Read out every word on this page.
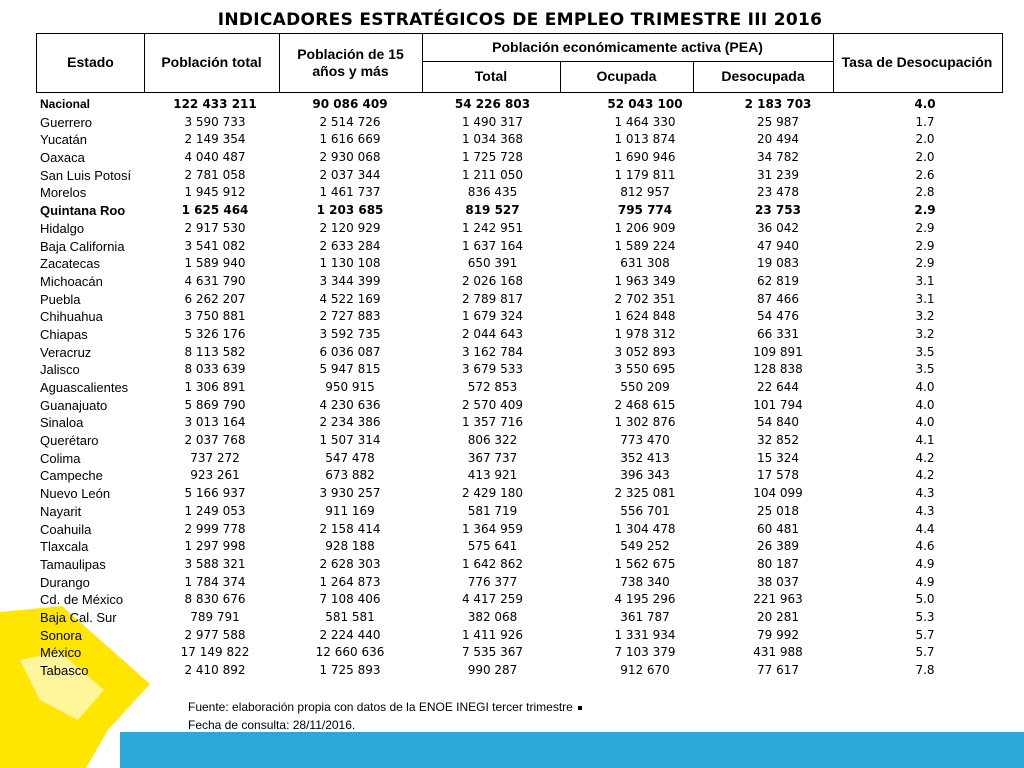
INDICADORES ESTRATÉGICOS DE EMPLEO TRIMESTRE III 2016
Estado	Población total
Población de 15 años y más
Población económicamente activa (PEA)
Total	Ocupada	Desocupada
Tasa de Desocupación
Nacional	122 433 211	90 086 409	54 226 803	52 043 100	2 183 703	4.0
Guerrero	3 590 733	2 514 726	1 490 317	1 464 330	25 987	1.7
Yucatán	2 149 354	1 616 669	1 034 368	1 013 874	20 494	2.0
Oaxaca	4 040 487	2 930 068	1 725 728	1 690 946	34 782	2.0
San Luis Potosí	2 781 058	2 037 344	1 211 050	1 179 811	31 239	2.6
Morelos	1 945 912	1 461 737	836 435	812 957	23 478	2.8
Quintana Roo	1 625 464	1 203 685	819 527	795 774	23 753	2.9
Hidalgo	2 917 530	2 120 929	1 242 951	1 206 909	36 042	2.9
Baja California	3 541 082	2 633 284	1 637 164	1 589 224	47 940	2.9
Zacatecas	1 589 940	1 130 108	650 391	631 308	19 083	2.9
Michoacán	4 631 790	3 344 399	2 026 168	1 963 349	62 819	3.1
Puebla	6 262 207	4 522 169	2 789 817	2 702 351	87 466	3.1
Chihuahua	3 750 881	2 727 883	1 679 324	1 624 848	54 476	3.2
Chiapas	5 326 176	3 592 735	2 044 643	1 978 312	66 331	3.2
Veracruz	8 113 582	6 036 087	3 162 784	3 052 893	109 891	3.5
Jalisco	8 033 639	5 947 815	3 679 533	3 550 695	128 838	3.5
Aguascalientes	1 306 891	950 915	572 853	550 209	22 644	4.0
Guanajuato	5 869 790	4 230 636	2 570 409	2 468 615	101 794	4.0
Sinaloa	3 013 164	2 234 386	1 357 716	1 302 876	54 840	4.0
Querétaro	2 037 768	1 507 314	806 322	773 470	32 852	4.1
Colima	737 272	547 478	367 737	352 413	15 324	4.2
Campeche	923 261	673 882	413 921	396 343	17 578	4.2
Nuevo León	5 166 937	3 930 257	2 429 180	2 325 081	104 099	4.3
Nayarit	1 249 053	911 169	581 719	556 701	25 018	4.3
Coahuila	2 999 778	2 158 414	1 364 959	1 304 478	60 481	4.4
Tlaxcala	1 297 998	928 188	575 641	549 252	26 389	4.6
Tamaulipas	3 588 321	2 628 303	1 642 862	1 562 675	80 187	4.9
Durango	1 784 374	1 264 873	776 377	738 340	38 037	4.9
Cd. de México	8 830 676	7 108 406	4 417 259	4 195 296	221 963	5.0
Baja Cal. Sur	789 791	581 581	382 068	361 787	20 281	5.3
Sonora	2 977 588	2 224 440	1 411 926	1 331 934	79 992	5.7
México	17 149 822	12 660 636	7 535 367	7 103 379	431 988	5.7
Tabasco	2 410 892	1 725 893	990 287	912 670	77 617	7.8
Fuente: elaboración propia con datos de la ENOE INEGI tercer trimestre
Fecha de consulta: 28/11/2016.
